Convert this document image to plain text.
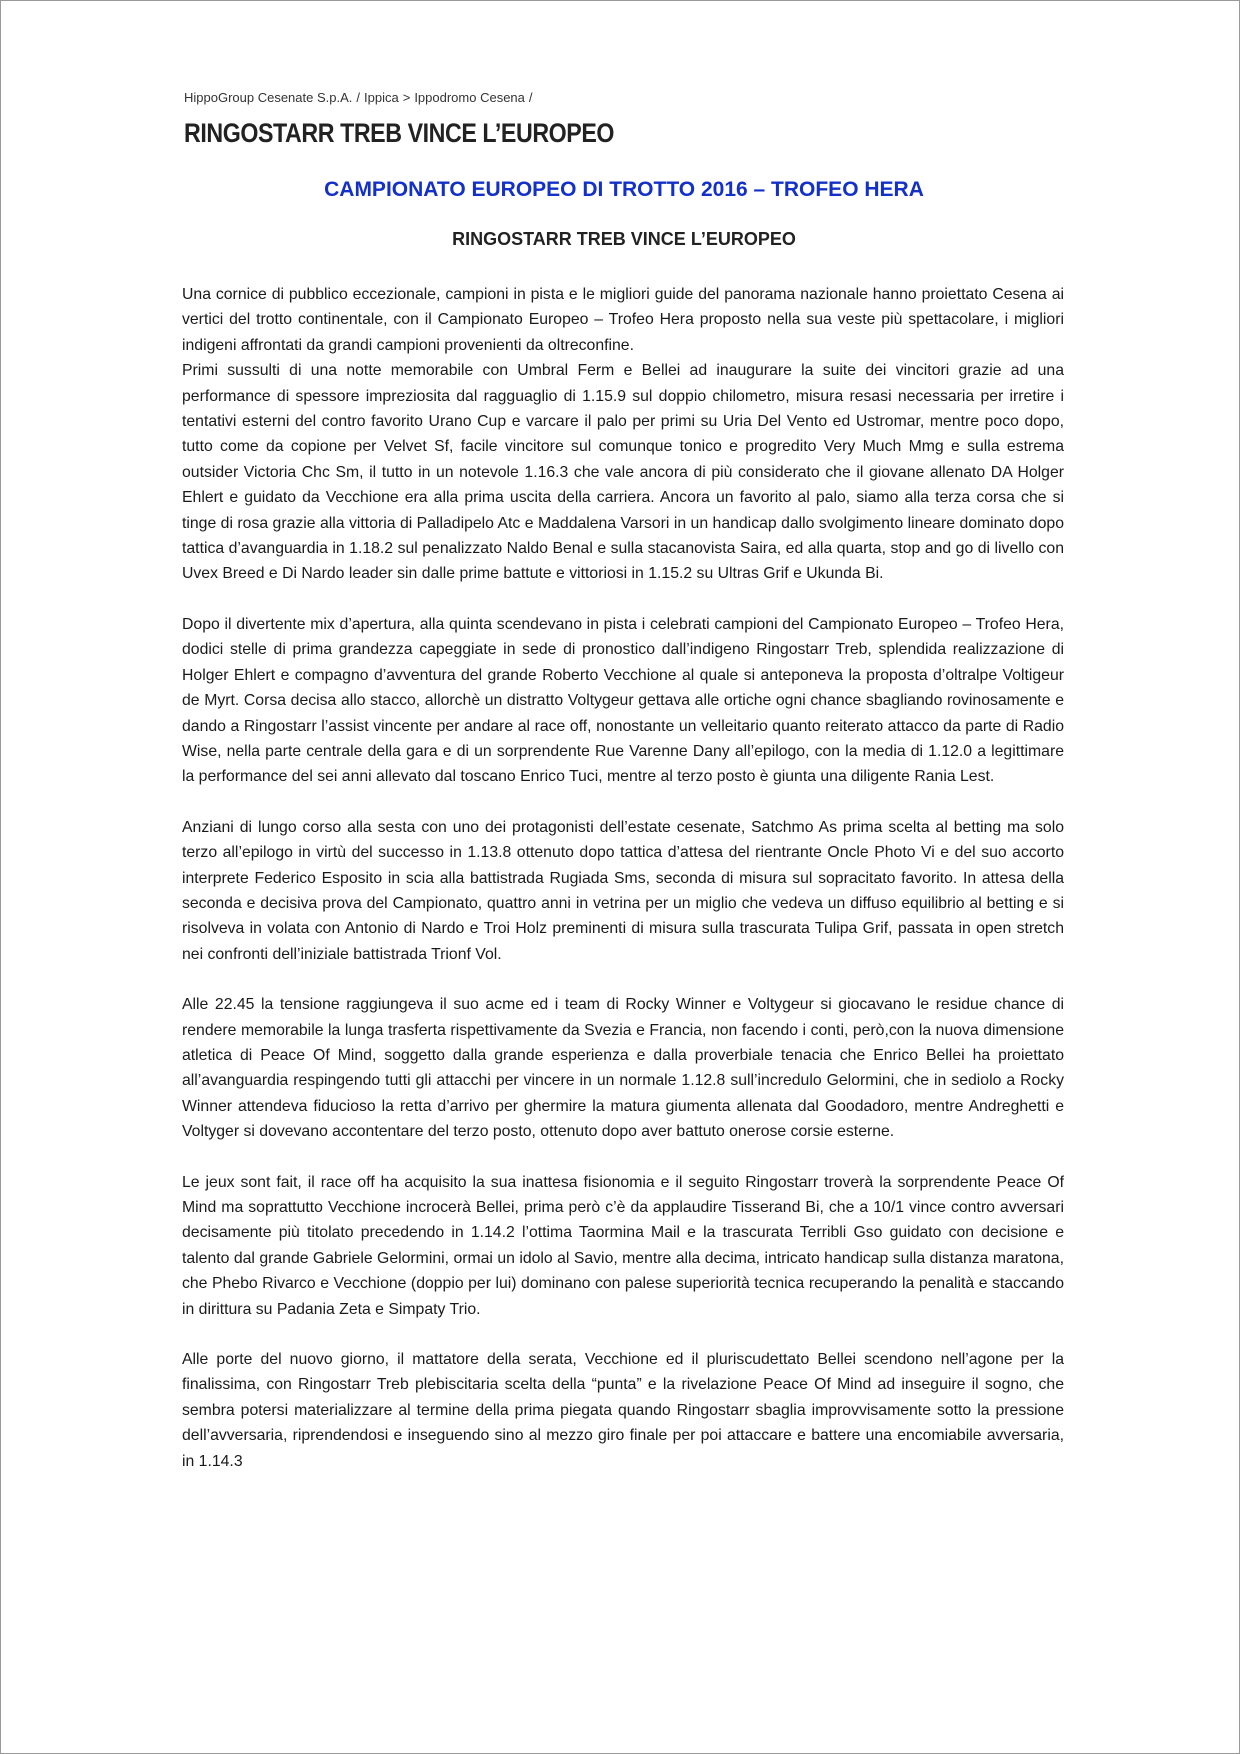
HippoGroup Cesenate S.p.A. / Ippica > Ippodromo Cesena /
RINGOSTARR TREB VINCE L’EUROPEO
CAMPIONATO EUROPEO DI TROTTO 2016 – TROFEO HERA
RINGOSTARR TREB VINCE L’EUROPEO

Una cornice di pubblico eccezionale, campioni in pista e le migliori guide del panorama nazionale hanno proiettato Cesena ai vertici del trotto continentale, con il Campionato Europeo – Trofeo Hera proposto nella sua veste più spettacolare, i migliori indigeni affrontati da grandi campioni provenienti da oltreconfine.

Primi sussulti di una notte memorabile con Umbral Ferm e Bellei ad inaugurare la suite dei vincitori grazie ad una performance di spessore impreziosita dal ragguaglio di 1.15.9 sul doppio chilometro, misura resasi necessaria per irretire i tentativi esterni del contro favorito Urano Cup e varcare il palo per primi su Uria Del Vento ed Ustromar, mentre poco dopo, tutto come da copione per Velvet Sf, facile vincitore sul comunque tonico e progredito Very Much Mmg e sulla estrema outsider Victoria Chc Sm, il tutto in un notevole 1.16.3 che vale ancora di più considerato che il giovane allenato DA Holger Ehlert e guidato da Vecchione era alla prima uscita della carriera. Ancora un favorito al palo, siamo alla terza corsa che si tinge di rosa grazie alla vittoria di Palladipelo Atc e Maddalena Varsori in un handicap dallo svolgimento lineare dominato dopo tattica d’avanguardia in 1.18.2 sul penalizzato Naldo Benal e sulla stacanovista Saira, ed alla quarta, stop and go di livello con Uvex Breed e Di Nardo leader sin dalle prime battute e vittoriosi in 1.15.2 su Ultras Grif e Ukunda Bi.

Dopo il divertente mix d’apertura, alla quinta scendevano in pista i celebrati campioni del Campionato Europeo – Trofeo Hera, dodici stelle di prima grandezza capeggiate in sede di pronostico dall’indigeno Ringostarr Treb, splendida realizzazione di Holger Ehlert e compagno d’avventura del grande Roberto Vecchione al quale si anteponeva la proposta d’oltralpe Voltigeur de Myrt. Corsa decisa allo stacco, allorchè un distratto Voltygeur gettava alle ortiche ogni chance sbagliando rovinosamente e dando a Ringostarr l’assist vincente per andare al race off, nonostante un velleitario quanto reiterato attacco da parte di Radio Wise, nella parte centrale della gara e di un sorprendente Rue Varenne Dany all’epilogo, con la media di 1.12.0 a legittimare la performance del sei anni allevato dal toscano Enrico Tuci, mentre al terzo posto è giunta una diligente Rania Lest.

Anziani di lungo corso alla sesta con uno dei protagonisti dell’estate cesenate, Satchmo As prima scelta al betting ma solo terzo all’epilogo in virtù del successo in 1.13.8 ottenuto dopo tattica d’attesa del rientrante Oncle Photo Vi e del suo accorto interprete Federico Esposito in scia alla battistrada Rugiada Sms, seconda di misura sul sopracitato favorito. In attesa della seconda e decisiva prova del Campionato, quattro anni in vetrina per un miglio che vedeva un diffuso equilibrio al betting e si risolveva in volata con Antonio di Nardo e Troi Holz preminenti di misura sulla trascurata Tulipa Grif, passata in open stretch nei confronti dell’iniziale battistrada Trionf Vol.

Alle 22.45 la tensione raggiungeva il suo acme ed i team di Rocky Winner e Voltygeur si giocavano le residue chance di rendere memorabile la lunga trasferta rispettivamente da Svezia e Francia, non facendo i conti, però,con la nuova dimensione atletica di Peace Of Mind, soggetto dalla grande esperienza e dalla proverbiale tenacia che Enrico Bellei ha proiettato all’avanguardia respingendo tutti gli attacchi per vincere in un normale 1.12.8 sull’incredulo Gelormini, che in sediolo a Rocky Winner attendeva fiducioso la retta d’arrivo per ghermire la matura giumenta allenata dal Goodadoro, mentre Andreghetti e Voltyger si dovevano accontentare del terzo posto, ottenuto dopo aver battuto onerose corsie esterne.

Le jeux sont fait, il race off ha acquisito la sua inattesa fisionomia e il seguito Ringostarr troverà la sorprendente Peace Of Mind ma soprattutto Vecchione incrocerà Bellei, prima però c’è da applaudire Tisserand Bi, che a 10/1 vince contro avversari decisamente più titolato precedendo in 1.14.2 l’ottima Taormina Mail e la trascurata Terribli Gso guidato con decisione e talento dal grande Gabriele Gelormini, ormai un idolo al Savio, mentre alla decima, intricato handicap sulla distanza maratona, che Phebo Rivarco e Vecchione (doppio per lui) dominano con palese superiorità tecnica recuperando la penalità e staccando in dirittura su Padania Zeta e Simpaty Trio.

Alle porte del nuovo giorno, il mattatore della serata, Vecchione ed il pluriscudettato Bellei scendono nell’agone per la finalissima, con Ringostarr Treb plebiscitaria scelta della “punta” e la rivelazione Peace Of Mind ad inseguire il sogno, che sembra potersi materializzare al termine della prima piegata quando Ringostarr sbaglia improvvisamente sotto la pressione dell’avversaria, riprendendosi e inseguendo sino al mezzo giro finale per poi attaccare e battere una encomiabile avversaria, in 1.14.3
